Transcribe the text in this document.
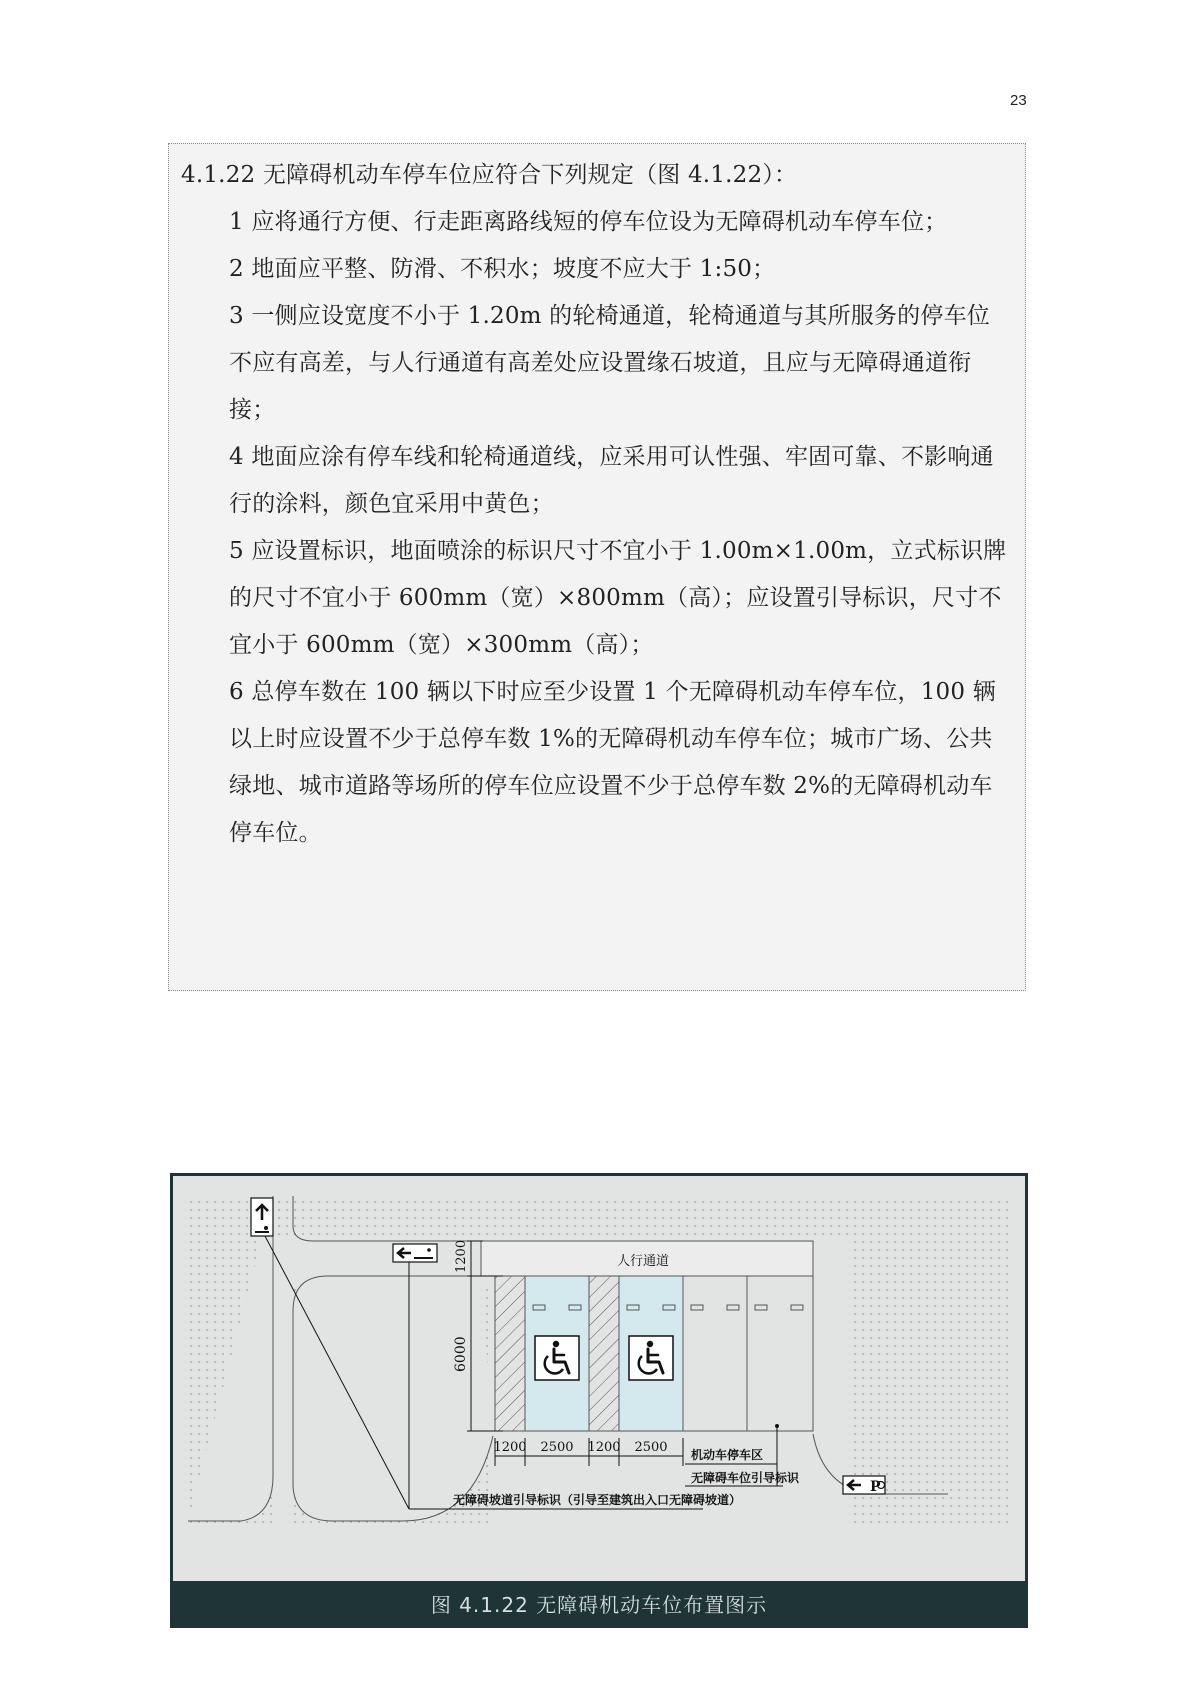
23

4.1.22 无障碍机动车停车位应符合下列规定（图 4.1.22）：

1 应将通行方便、行走距离路线短的停车位设为无障碍机动车停车位；

2 地面应平整、防滑、不积水；坡度不应大于 1:50；

3 一侧应设宽度不小于 1.20m 的轮椅通道，轮椅通道与其所服务的停车位不应有高差，与人行通道有高差处应设置缘石坡道，且应与无障碍通道衔接；

4 地面应涂有停车线和轮椅通道线，应采用可认性强、牢固可靠、不影响通行的涂料，颜色宜采用中黄色；

5 应设置标识，地面喷涂的标识尺寸不宜小于 1.00m×1.00m，立式标识牌的尺寸不宜小于 600mm（宽）×800mm（高）；应设置引导标识，尺寸不宜小于 600mm（宽）×300mm（高）；

6 总停车数在 100 辆以下时应至少设置 1 个无障碍机动车停车位，100 辆以上时应设置不少于总停车数 1%的无障碍机动车停车位；城市广场、公共绿地、城市道路等场所的停车位应设置不少于总停车数 2%的无障碍机动车停车位。

人行通道
1200
6000
1200 2500 1200 2500
P
机动车停车区
无障碍车位引导标识
无障碍坡道引导标识（引导至建筑出入口无障碍坡道）
图 4.1.22 无障碍机动车位布置图示
